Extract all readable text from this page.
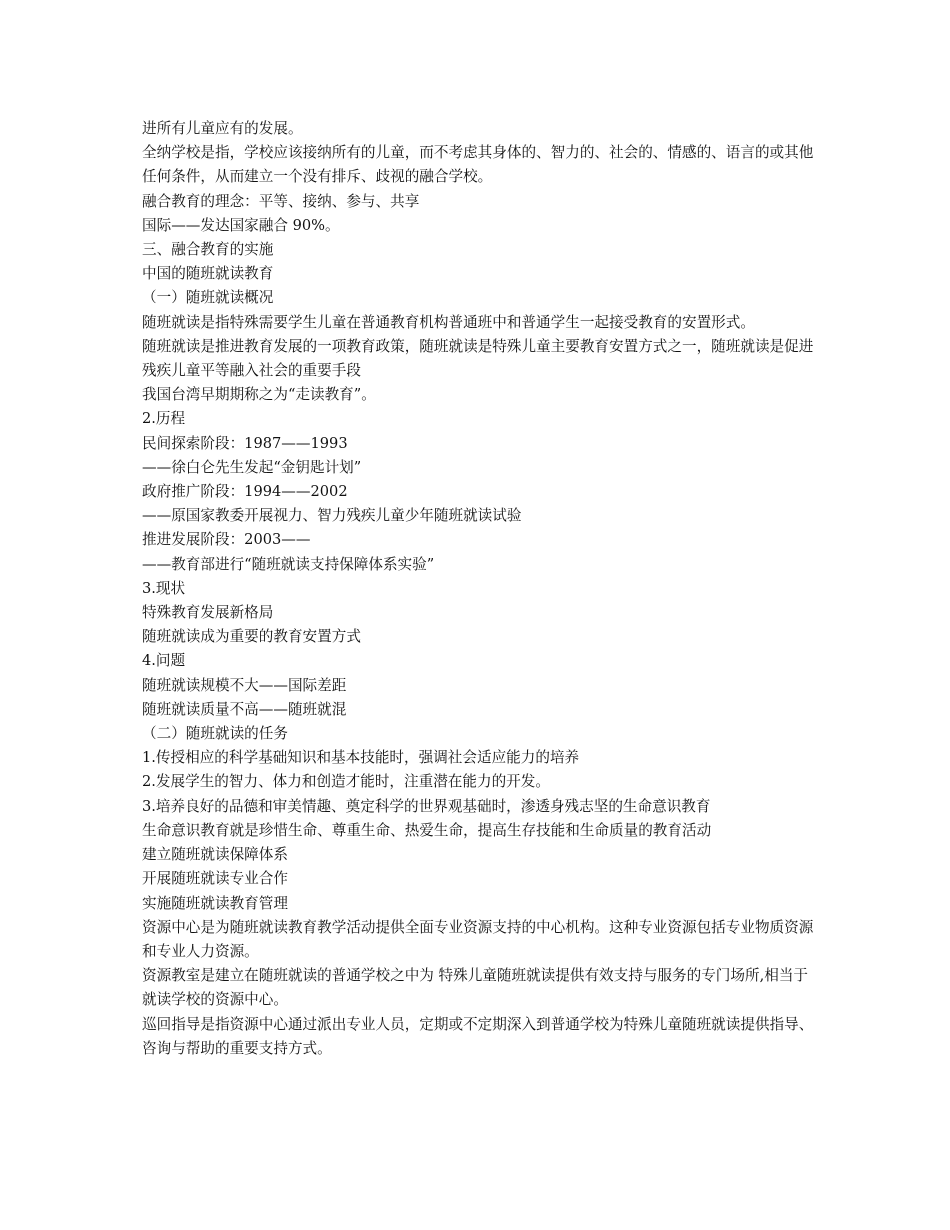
进所有儿童应有的发展。

全纳学校是指，学校应该接纳所有的儿童，而不考虑其身体的、智力的、社会的、情感的、语言的或其他任何条件，从而建立一个没有排斥、歧视的融合学校。

融合教育的理念：平等、接纳、参与、共享

国际——发达国家融合 90%。

三、融合教育的实施

中国的随班就读教育

（一）随班就读概况

随班就读是指特殊需要学生儿童在普通教育机构普通班中和普通学生一起接受教育的安置形式。

随班就读是推进教育发展的一项教育政策，随班就读是特殊儿童主要教育安置方式之一，随班就读是促进残疾儿童平等融入社会的重要手段

我国台湾早期期称之为“走读教育”。

2.历程

民间探索阶段：1987——1993

——徐白仑先生发起“金钥匙计划”

政府推广阶段：1994——2002

——原国家教委开展视力、智力残疾儿童少年随班就读试验

推进发展阶段：2003——

——教育部进行“随班就读支持保障体系实验”

3.现状

特殊教育发展新格局

随班就读成为重要的教育安置方式

4.问题

随班就读规模不大——国际差距

随班就读质量不高——随班就混

（二）随班就读的任务

1.传授相应的科学基础知识和基本技能时，强调社会适应能力的培养

2.发展学生的智力、体力和创造才能时，注重潜在能力的开发。

3.培养良好的品德和审美情趣、奠定科学的世界观基础时，渗透身残志坚的生命意识教育

生命意识教育就是珍惜生命、尊重生命、热爱生命，提高生存技能和生命质量的教育活动

建立随班就读保障体系

开展随班就读专业合作

实施随班就读教育管理

资源中心是为随班就读教育教学活动提供全面专业资源支持的中心机构。这种专业资源包括专业物质资源和专业人力资源。

资源教室是建立在随班就读的普通学校之中为 特殊儿童随班就读提供有效支持与服务的专门场所,相当于就读学校的资源中心。

巡回指导是指资源中心通过派出专业人员，定期或不定期深入到普通学校为特殊儿童随班就读提供指导、咨询与帮助的重要支持方式。
